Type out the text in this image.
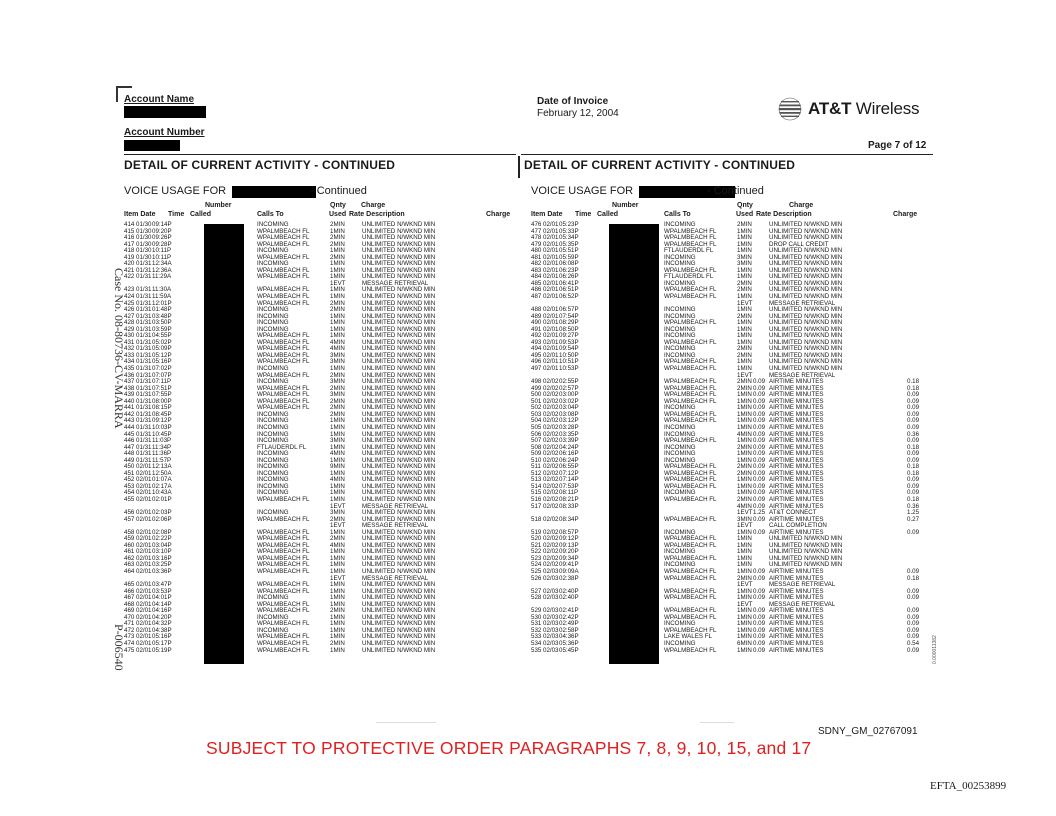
Account Name
Account Number
Date of Invoice
February 12, 2004	AT&T Wireless
Page 7 of 12
DETAIL OF CURRENT ACTIVITY - CONTINUED	DETAIL OF CURRENT ACTIVITY - CONTINUED
VOICE USAGE FOR	- Continued	VOICE USAGE FOR	- Continued
Number	Qnty Charge
Item Date Time Called	Calls To	Used Rate Description	Charge
Number	Qnty	Charge
Item Date Time Called	Calls To	Used Rate Description	Charge
414 01/30 09:14P	INCOMING	2MIN	UNLIMITED N/WKND MIN
415 01/30 09:20P	WPALMBEACH FL	1MIN	UNLIMITED N/WKND MIN
416 01/30 09:26P	WPALMBEACH FL	2MIN	UNLIMITED N/WKND MIN
417 01/30 09:28P	WPALMBEACH FL	2MIN	UNLIMITED N/WKND MIN
418 01/30 10:11P	INCOMING	1MIN	UNLIMITED N/WKND MIN
419 01/30 10:11P	WPALMBEACH FL	2MIN	UNLIMITED N/WKND MIN
420 01/31 12:34A	INCOMING	1MIN	UNLIMITED N/WKND MIN
421 01/31 12:36A	WPALMBEACH FL	1MIN	UNLIMITED N/WKND MIN
422 01/31 11:29A	WPALMBEACH FL	1MIN	UNLIMITED N/WKND MIN
1EVT	MESSAGE RETRIEVAL
423 01/31 11:30A	WPALMBEACH FL	1MIN	UNLIMITED N/WKND MIN
424 01/31 11:59A	WPALMBEACH FL	1MIN	UNLIMITED N/WKND MIN
425 01/31 12:01P	WPALMBEACH FL	2MIN	UNLIMITED N/WKND MIN
426 01/31 01:48P	INCOMING	2MIN	UNLIMITED N/WKND MIN
427 01/31 03:48P	INCOMING	1MIN	UNLIMITED N/WKND MIN
428 01/31 03:50P	INCOMING	1MIN	UNLIMITED N/WKND MIN
429 01/31 03:59P	INCOMING	1MIN	UNLIMITED N/WKND MIN
430 01/31 04:55P	WPALMBEACH FL	1MIN	UNLIMITED N/WKND MIN
431 01/31 05:02P	WPALMBEACH FL	4MIN	UNLIMITED N/WKND MIN
432 01/31 05:09P	WPALMBEACH FL	4MIN	UNLIMITED N/WKND MIN
433 01/31 05:12P	WPALMBEACH FL	3MIN	UNLIMITED N/WKND MIN
434 01/31 05:16P	WPALMBEACH FL	3MIN	UNLIMITED N/WKND MIN
435 01/31 07:02P	INCOMING	1MIN	UNLIMITED N/WKND MIN
436 01/31 07:07P	WPALMBEACH FL	2MIN	UNLIMITED N/WKND MIN
437 01/31 07:11P	INCOMING	3MIN	UNLIMITED N/WKND MIN
438 01/31 07:51P	WPALMBEACH FL	2MIN	UNLIMITED N/WKND MIN
439 01/31 07:55P	WPALMBEACH FL	3MIN	UNLIMITED N/WKND MIN
440 01/31 08:00P	WPALMBEACH FL	2MIN	UNLIMITED N/WKND MIN
441 01/31 08:15P	WPALMBEACH FL	2MIN	UNLIMITED N/WKND MIN
442 01/31 08:45P	INCOMING	2MIN	UNLIMITED N/WKND MIN
443 01/31 09:12P	INCOMING	1MIN	UNLIMITED N/WKND MIN
444 01/31 10:03P	INCOMING	1MIN	UNLIMITED N/WKND MIN
445 01/31 10:45P	INCOMING	1MIN	UNLIMITED N/WKND MIN
446 01/31 11:03P	INCOMING	3MIN	UNLIMITED N/WKND MIN
447 01/31 11:34P	FTLAUDERDL FL	1MIN	UNLIMITED N/WKND MIN
448 01/31 11:36P	INCOMING	4MIN	UNLIMITED N/WKND MIN
449 01/31 11:57P	INCOMING	1MIN	UNLIMITED N/WKND MIN
450 02/01 12:13A	INCOMING	9MIN	UNLIMITED N/WKND MIN
451 02/01 12:50A	INCOMING	1MIN	UNLIMITED N/WKND MIN
452 02/01 01:07A	INCOMING	4MIN	UNLIMITED N/WKND MIN
453 02/01 02:17A	INCOMING	1MIN	UNLIMITED N/WKND MIN
454 02/01 10:43A	INCOMING	1MIN	UNLIMITED N/WKND MIN
455 02/01 02:01P	WPALMBEACH FL	1MIN	UNLIMITED N/WKND MIN
1EVT	MESSAGE RETRIEVAL
456 02/01 02:03P	INCOMING	3MIN	UNLIMITED N/WKND MIN
457 02/01 02:06P	WPALMBEACH FL	2MIN	UNLIMITED N/WKND MIN
1EVT	MESSAGE RETRIEVAL
458 02/01 02:08P	WPALMBEACH FL	1MIN	UNLIMITED N/WKND MIN
459 02/01 02:22P	WPALMBEACH FL	2MIN	UNLIMITED N/WKND MIN
460 02/01 03:04P	WPALMBEACH FL	4MIN	UNLIMITED N/WKND MIN
461 02/01 03:10P	WPALMBEACH FL	1MIN	UNLIMITED N/WKND MIN
462 02/01 03:16P	WPALMBEACH FL	1MIN	UNLIMITED N/WKND MIN
463 02/01 03:25P	WPALMBEACH FL	1MIN	UNLIMITED N/WKND MIN
464 02/01 03:36P	WPALMBEACH FL	1MIN	UNLIMITED N/WKND MIN
1EVT	MESSAGE RETRIEVAL
465 02/01 03:47P	WPALMBEACH FL	1MIN	UNLIMITED N/WKND MIN
466 02/01 03:53P	WPALMBEACH FL	1MIN	UNLIMITED N/WKND MIN
467 02/01 04:01P	INCOMING	1MIN	UNLIMITED N/WKND MIN
468 02/01 04:14P	WPALMBEACH FL	1MIN	UNLIMITED N/WKND MIN
469 02/01 04:16P	WPALMBEACH FL	2MIN	UNLIMITED N/WKND MIN
470 02/01 04:20P	INCOMING	1MIN	UNLIMITED N/WKND MIN
471 02/01 04:32P	WPALMBEACH FL	1MIN	UNLIMITED N/WKND MIN
472 02/01 04:38P	INCOMING	1MIN	UNLIMITED N/WKND MIN
473 02/01 05:16P	WPALMBEACH FL	1MIN	UNLIMITED N/WKND MIN
474 02/01 05:17P	WPALMBEACH FL	2MIN	UNLIMITED N/WKND MIN
475 02/01 05:19P	WPALMBEACH FL	1MIN	UNLIMITED N/WKND MIN
476 02/01 05:23P	INCOMING	2MIN	UNLIMITED N/WKND MIN
477 02/01 05:33P	WPALMBEACH FL	1MIN	UNLIMITED N/WKND MIN
478 02/01 05:34P	WPALMBEACH FL	1MIN	UNLIMITED N/WKND MIN
479 02/01 05:35P	WPALMBEACH FL	1MIN	DROP CALL CREDIT
480 02/01 05:51P	FTLAUDERDL FL	1MIN	UNLIMITED N/WKND MIN
481 02/01 05:59P	INCOMING	3MIN	UNLIMITED N/WKND MIN
482 02/01 06:08P	INCOMING	3MIN	UNLIMITED N/WKND MIN
483 02/01 06:23P	WPALMBEACH FL	1MIN	UNLIMITED N/WKND MIN
484 02/01 06:26P	FTLAUDERDL FL	1MIN	UNLIMITED N/WKND MIN
485 02/01 06:41P	INCOMING	2MIN	UNLIMITED N/WKND MIN
486 02/01 06:51P	WPALMBEACH FL	2MIN	UNLIMITED N/WKND MIN
487 02/01 06:52P	WPALMBEACH FL	1MIN	UNLIMITED N/WKND MIN
1EVT	MESSAGE RETRIEVAL
488 02/01 06:57P	INCOMING	1MIN	UNLIMITED N/WKND MIN
489 02/01 07:54P	INCOMING	2MIN	UNLIMITED N/WKND MIN
490 02/01 08:29P	WPALMBEACH FL	1MIN	UNLIMITED N/WKND MIN
491 02/01 08:50P	INCOMING	1MIN	UNLIMITED N/WKND MIN
492 02/01 09:27P	INCOMING	1MIN	UNLIMITED N/WKND MIN
493 02/01 09:53P	WPALMBEACH FL	1MIN	UNLIMITED N/WKND MIN
494 02/01 09:54P	INCOMING	2MIN	UNLIMITED N/WKND MIN
495 02/01 10:50P	INCOMING	2MIN	UNLIMITED N/WKND MIN
496 02/01 10:51P	WPALMBEACH FL	1MIN	UNLIMITED N/WKND MIN
497 02/01 10:53P	WPALMBEACH FL	1MIN	UNLIMITED N/WKND MIN
1EVT	MESSAGE RETRIEVAL
498 02/02 02:55P	WPALMBEACH FL	2MIN 0.09 AIRTIME MINUTES	0.18
499 02/02 02:57P	WPALMBEACH FL	2MIN 0.09 AIRTIME MINUTES	0.18
500 02/02 03:00P	WPALMBEACH FL	1MIN 0.09 AIRTIME MINUTES	0.09
501 02/02 03:02P	WPALMBEACH FL	1MIN 0.09 AIRTIME MINUTES	0.09
502 02/02 03:04P	INCOMING	1MIN 0.09 AIRTIME MINUTES	0.09
503 02/02 03:08P	WPALMBEACH FL	1MIN 0.09 AIRTIME MINUTES	0.09
504 02/02 03:12P	WPALMBEACH FL	1MIN 0.09 AIRTIME MINUTES	0.09
505 02/02 03:28P	INCOMING	1MIN 0.09 AIRTIME MINUTES	0.09
506 02/02 03:35P	INCOMING	4MIN 0.09 AIRTIME MINUTES	0.36
507 02/02 03:39P	WPALMBEACH FL	1MIN 0.09 AIRTIME MINUTES	0.09
508 02/02 04:24P	INCOMING	2MIN 0.09 AIRTIME MINUTES	0.18
509 02/02 06:16P	INCOMING	1MIN 0.09 AIRTIME MINUTES	0.09
510 02/02 06:24P	INCOMING	1MIN 0.09 AIRTIME MINUTES	0.09
511 02/02 06:55P	WPALMBEACH FL	2MIN 0.09 AIRTIME MINUTES	0.18
512 02/02 07:12P	WPALMBEACH FL	2MIN 0.09 AIRTIME MINUTES	0.18
513 02/02 07:14P	WPALMBEACH FL	1MIN 0.09 AIRTIME MINUTES	0.09
514 02/02 07:53P	WPALMBEACH FL	1MIN 0.09 AIRTIME MINUTES	0.09
515 02/02 08:11P	INCOMING	1MIN 0.09 AIRTIME MINUTES	0.09
516 02/02 08:21P	WPALMBEACH FL	2MIN 0.09 AIRTIME MINUTES	0.18
517 02/02 08:33P	4MIN 0.09 AIRTIME MINUTES	0.36
1EVT 1.25 AT&T CONNECT	1.25
518 02/02 08:34P	WPALMBEACH FL	3MIN 0.09 AIRTIME MINUTES	0.27
1EVT	CALL COMPLETION
519 02/02 08:57P	INCOMING	1MIN 0.09 AIRTIME MINUTES	0.09
520 02/02 09:12P	WPALMBEACH FL	1MIN	UNLIMITED N/WKND MIN
521 02/02 09:13P	WPALMBEACH FL	1MIN	UNLIMITED N/WKND MIN
522 02/02 09:20P	INCOMING	1MIN	UNLIMITED N/WKND MIN
523 02/02 09:34P	WPALMBEACH FL	1MIN	UNLIMITED N/WKND MIN
524 02/02 09:41P	INCOMING	1MIN	UNLIMITED N/WKND MIN
525 02/03 09:09A	WPALMBEACH FL	1MIN 0.09 AIRTIME MINUTES	0.09
526 02/03 02:38P	WPALMBEACH FL	2MIN 0.09 AIRTIME MINUTES	0.18
1EVT	MESSAGE RETRIEVAL
527 02/03 02:40P	WPALMBEACH FL	1MIN 0.09 AIRTIME MINUTES	0.09
528 02/03 02:40P	WPALMBEACH FL	1MIN 0.09 AIRTIME MINUTES	0.09
1EVT	MESSAGE RETRIEVAL
529 02/03 02:41P	WPALMBEACH FL	1MIN 0.09 AIRTIME MINUTES	0.09
530 02/03 02:42P	WPALMBEACH FL	1MIN 0.09 AIRTIME MINUTES	0.09
531 02/03 02:49P	INCOMING	1MIN 0.09 AIRTIME MINUTES	0.09
532 02/03 02:58P	WPALMBEACH FL	1MIN 0.09 AIRTIME MINUTES	0.09
533 02/03 04:36P	LAKE WALES FL	1MIN 0.09 AIRTIME MINUTES	0.09
534 02/03 05:36P	INCOMING	6MIN 0.09 AIRTIME MINUTES	0.54
535 02/03 05:45P	WPALMBEACH FL	1MIN 0.09 AIRTIME MINUTES	0.09
Case No. 08-80736-CV-MARRA
P-006540	0.000011382
SDNY_GM_02767091
SUBJECT TO PROTECTIVE ORDER PARAGRAPHS 7, 8, 9, 10, 15, and 17
EFTA_00253899
